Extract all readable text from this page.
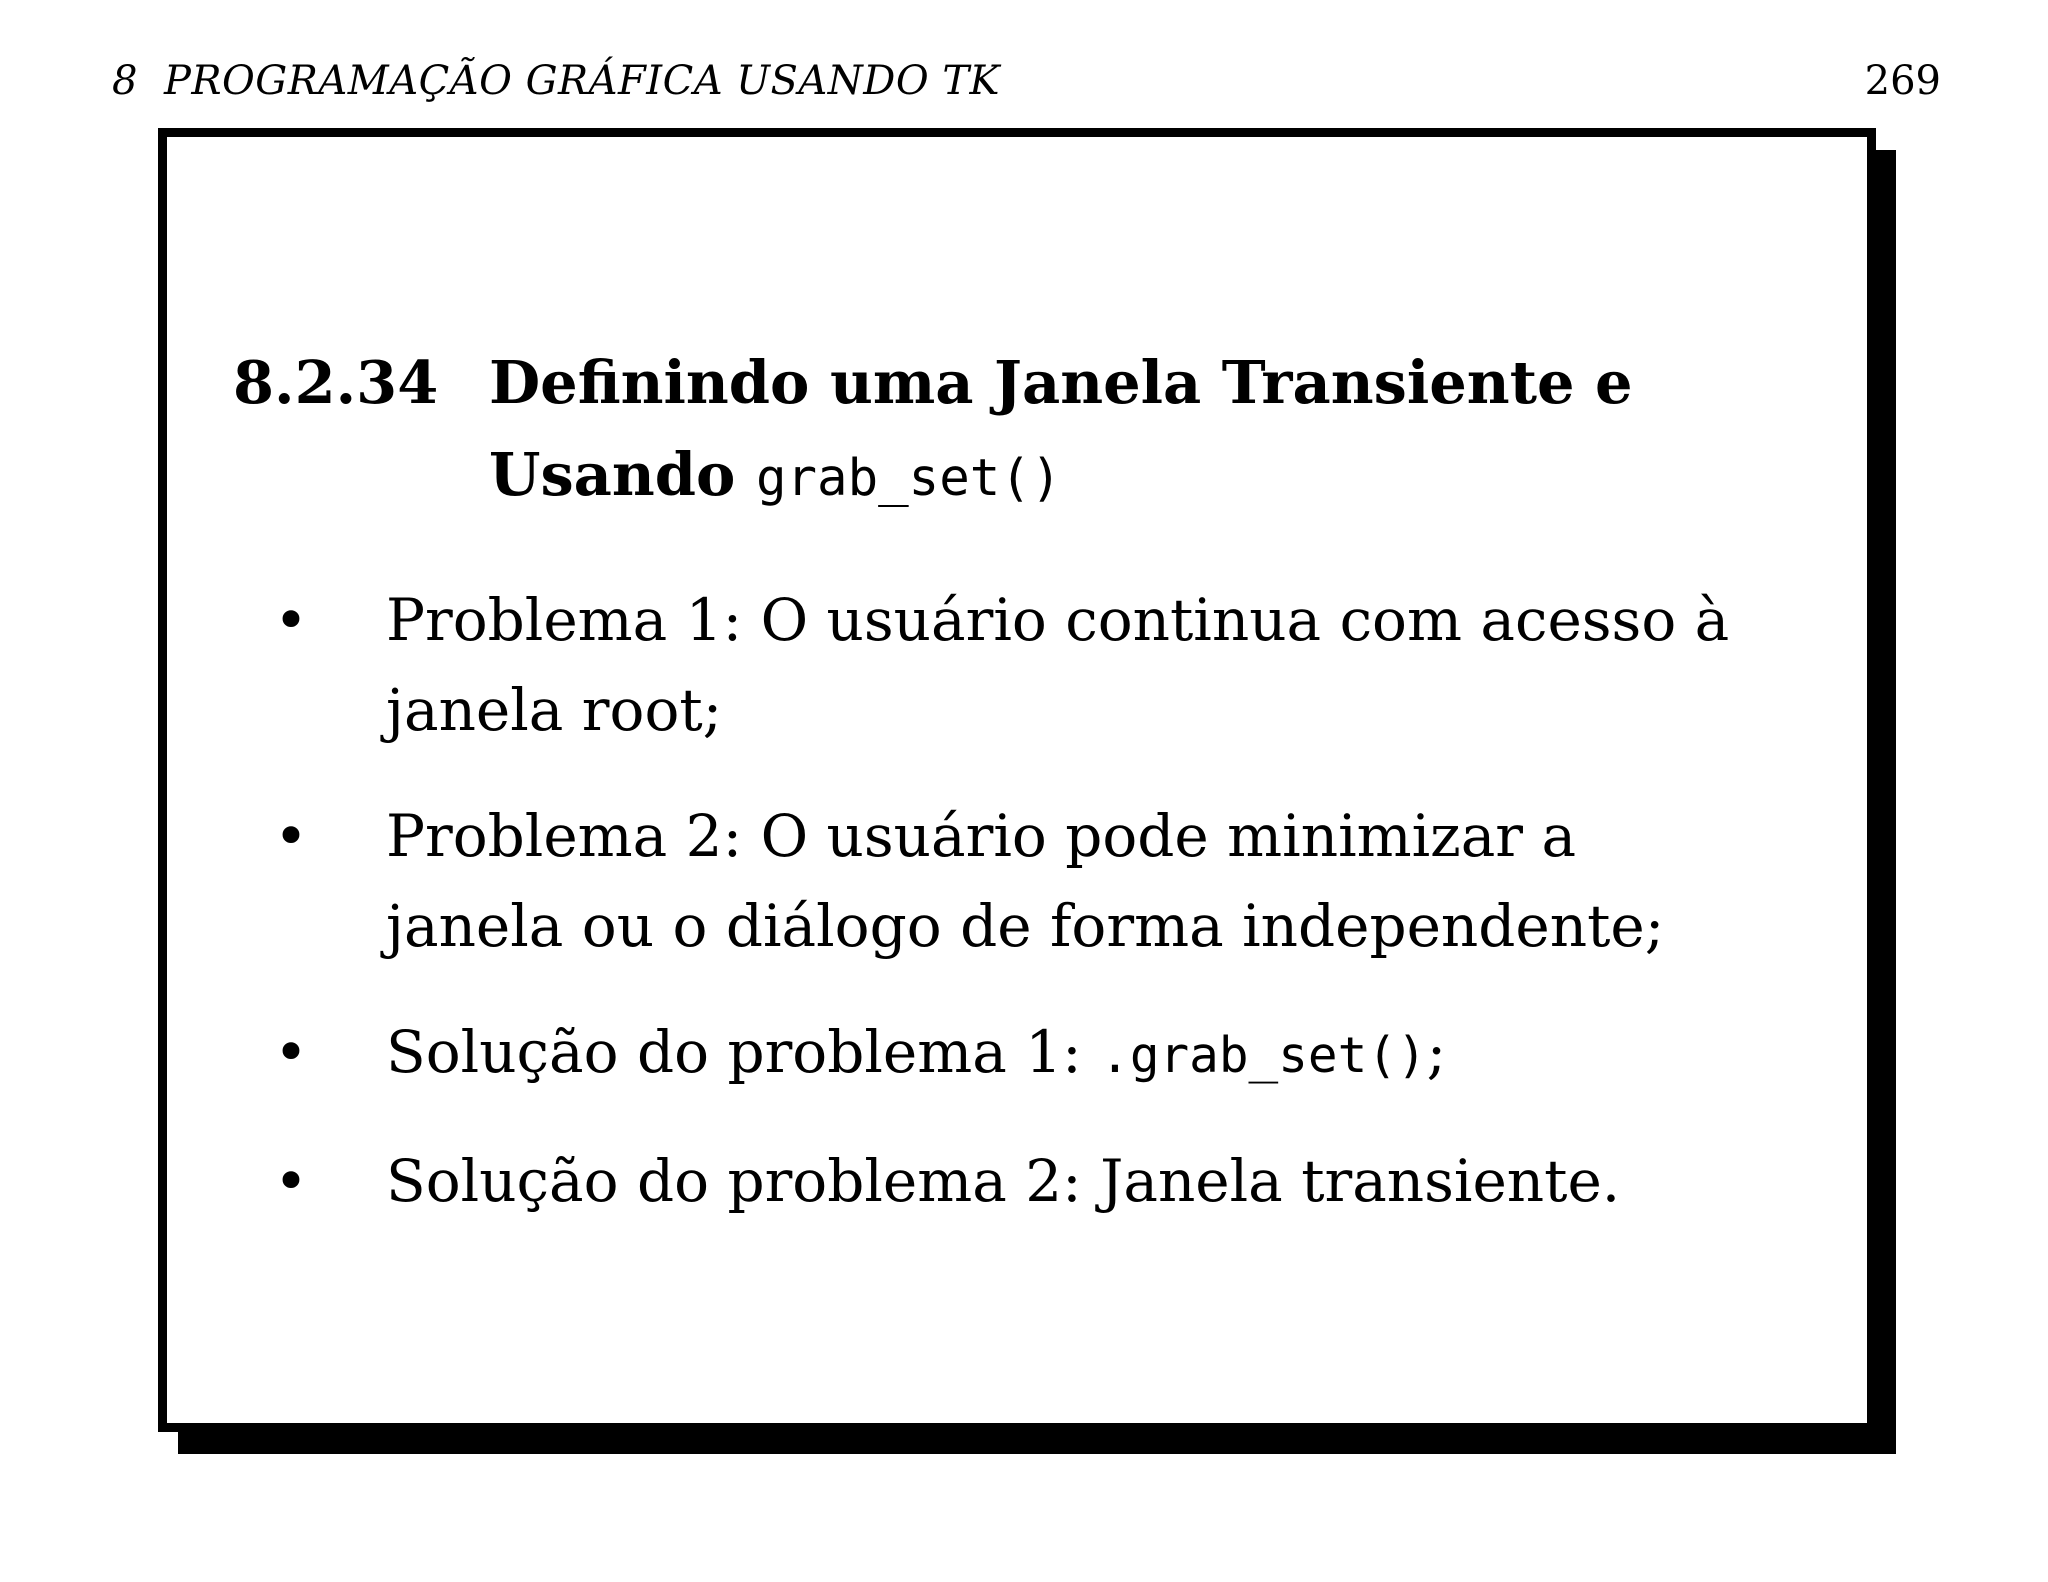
8 PROGRAMAÇÃO GRÁFICA USANDO TK	269
8.2.34 Definindo uma Janela Transiente e
Usando grab_set()
• Problema 1: O usuário continua com acesso à janela root;
• Problema 2: O usuário pode minimizar a janela ou o diálogo de forma independente;
• Solução do problema 1: .grab_set();
• Solução do problema 2: Janela transiente.
